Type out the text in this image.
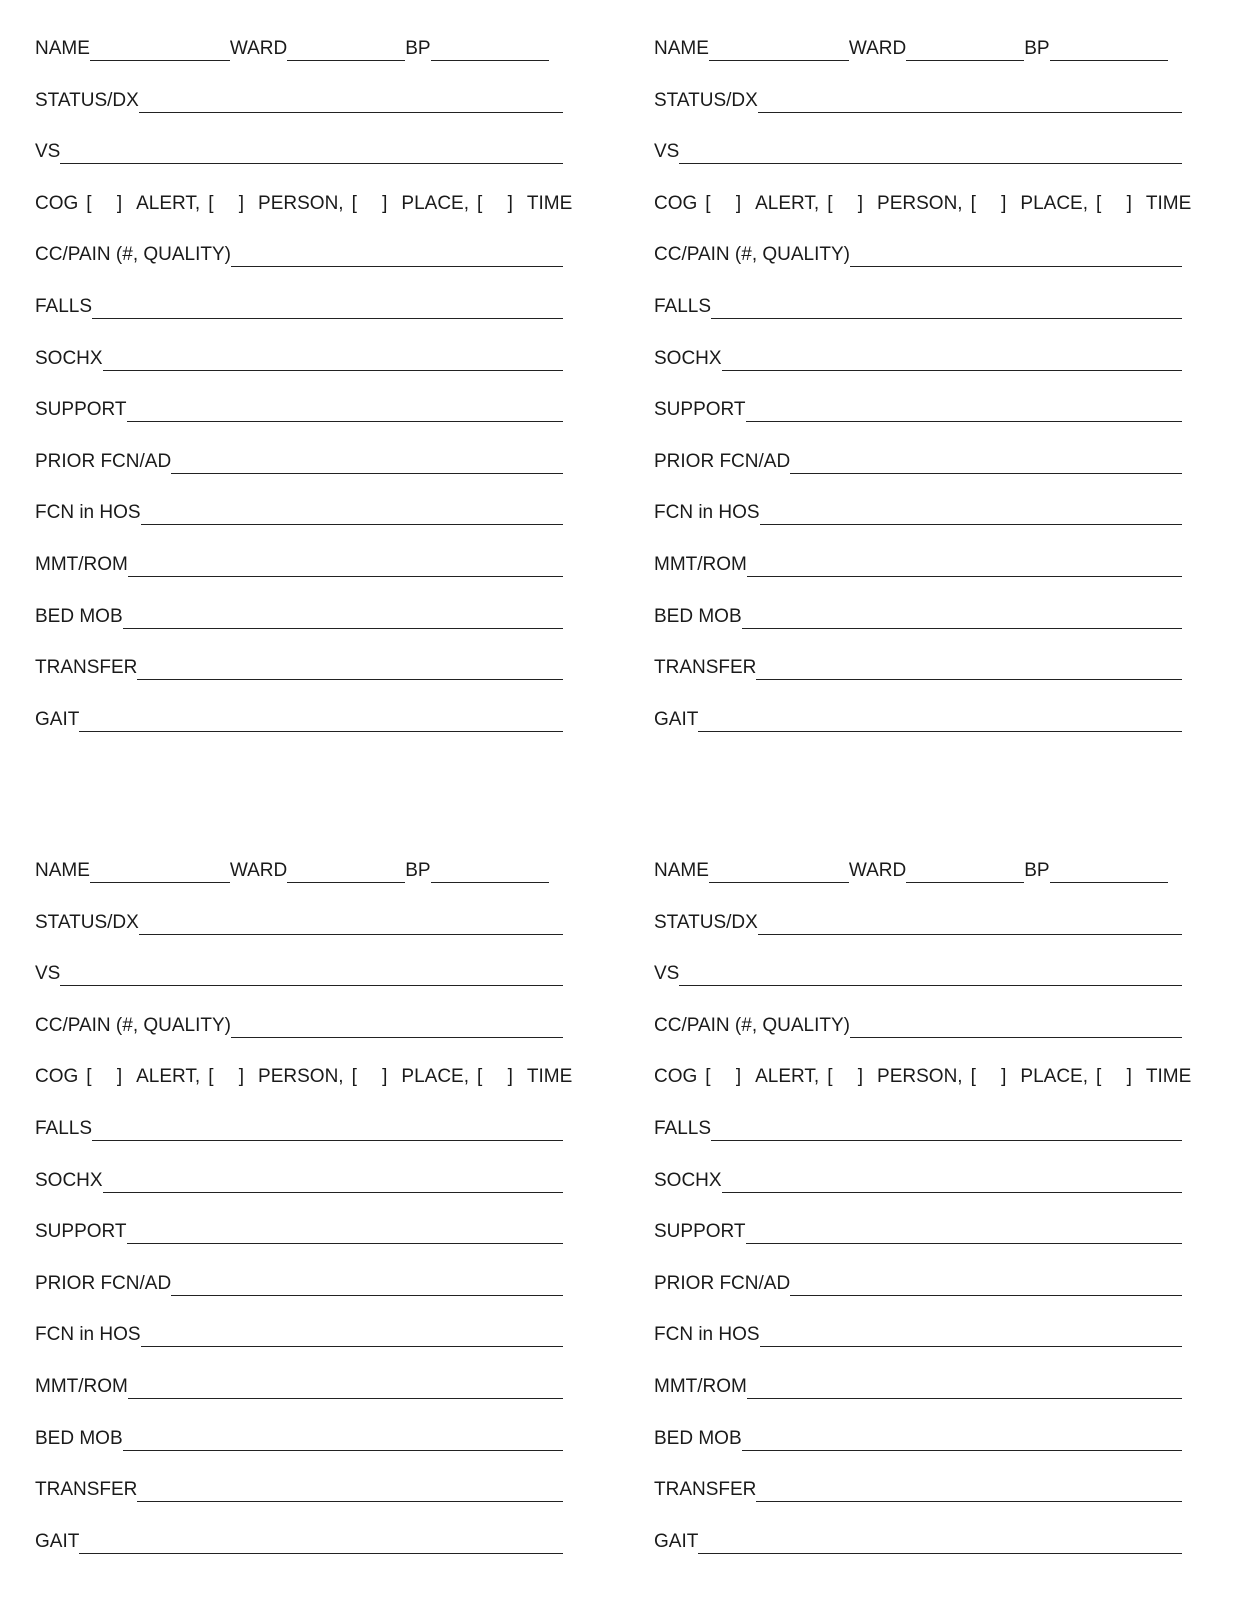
NAME	WARD	BP
STATUS/DX
VS
COG [ ] ALERT, [ ] PERSON, [ ] PLACE, [ ] TIME
CC/PAIN (#, QUALITY)
FALLS
SOCHX
SUPPORT
PRIOR FCN/AD
FCN in HOS
MMT/ROM
BED MOB
TRANSFER
GAIT
NAME	WARD	BP
STATUS/DX
VS
COG [ ] ALERT, [ ] PERSON, [ ] PLACE, [ ] TIME
CC/PAIN (#, QUALITY)
FALLS
SOCHX
SUPPORT
PRIOR FCN/AD
FCN in HOS
MMT/ROM
BED MOB
TRANSFER
GAIT
NAME	WARD	BP
STATUS/DX
VS
CC/PAIN (#, QUALITY)
COG [ ] ALERT, [ ] PERSON, [ ] PLACE, [ ] TIME
FALLS
SOCHX
SUPPORT
PRIOR FCN/AD
FCN in HOS
MMT/ROM
BED MOB
TRANSFER
GAIT
NAME	WARD	BP
STATUS/DX
VS
CC/PAIN (#, QUALITY)
COG [ ] ALERT, [ ] PERSON, [ ] PLACE, [ ] TIME
FALLS
SOCHX
SUPPORT
PRIOR FCN/AD
FCN in HOS
MMT/ROM
BED MOB
TRANSFER
GAIT
